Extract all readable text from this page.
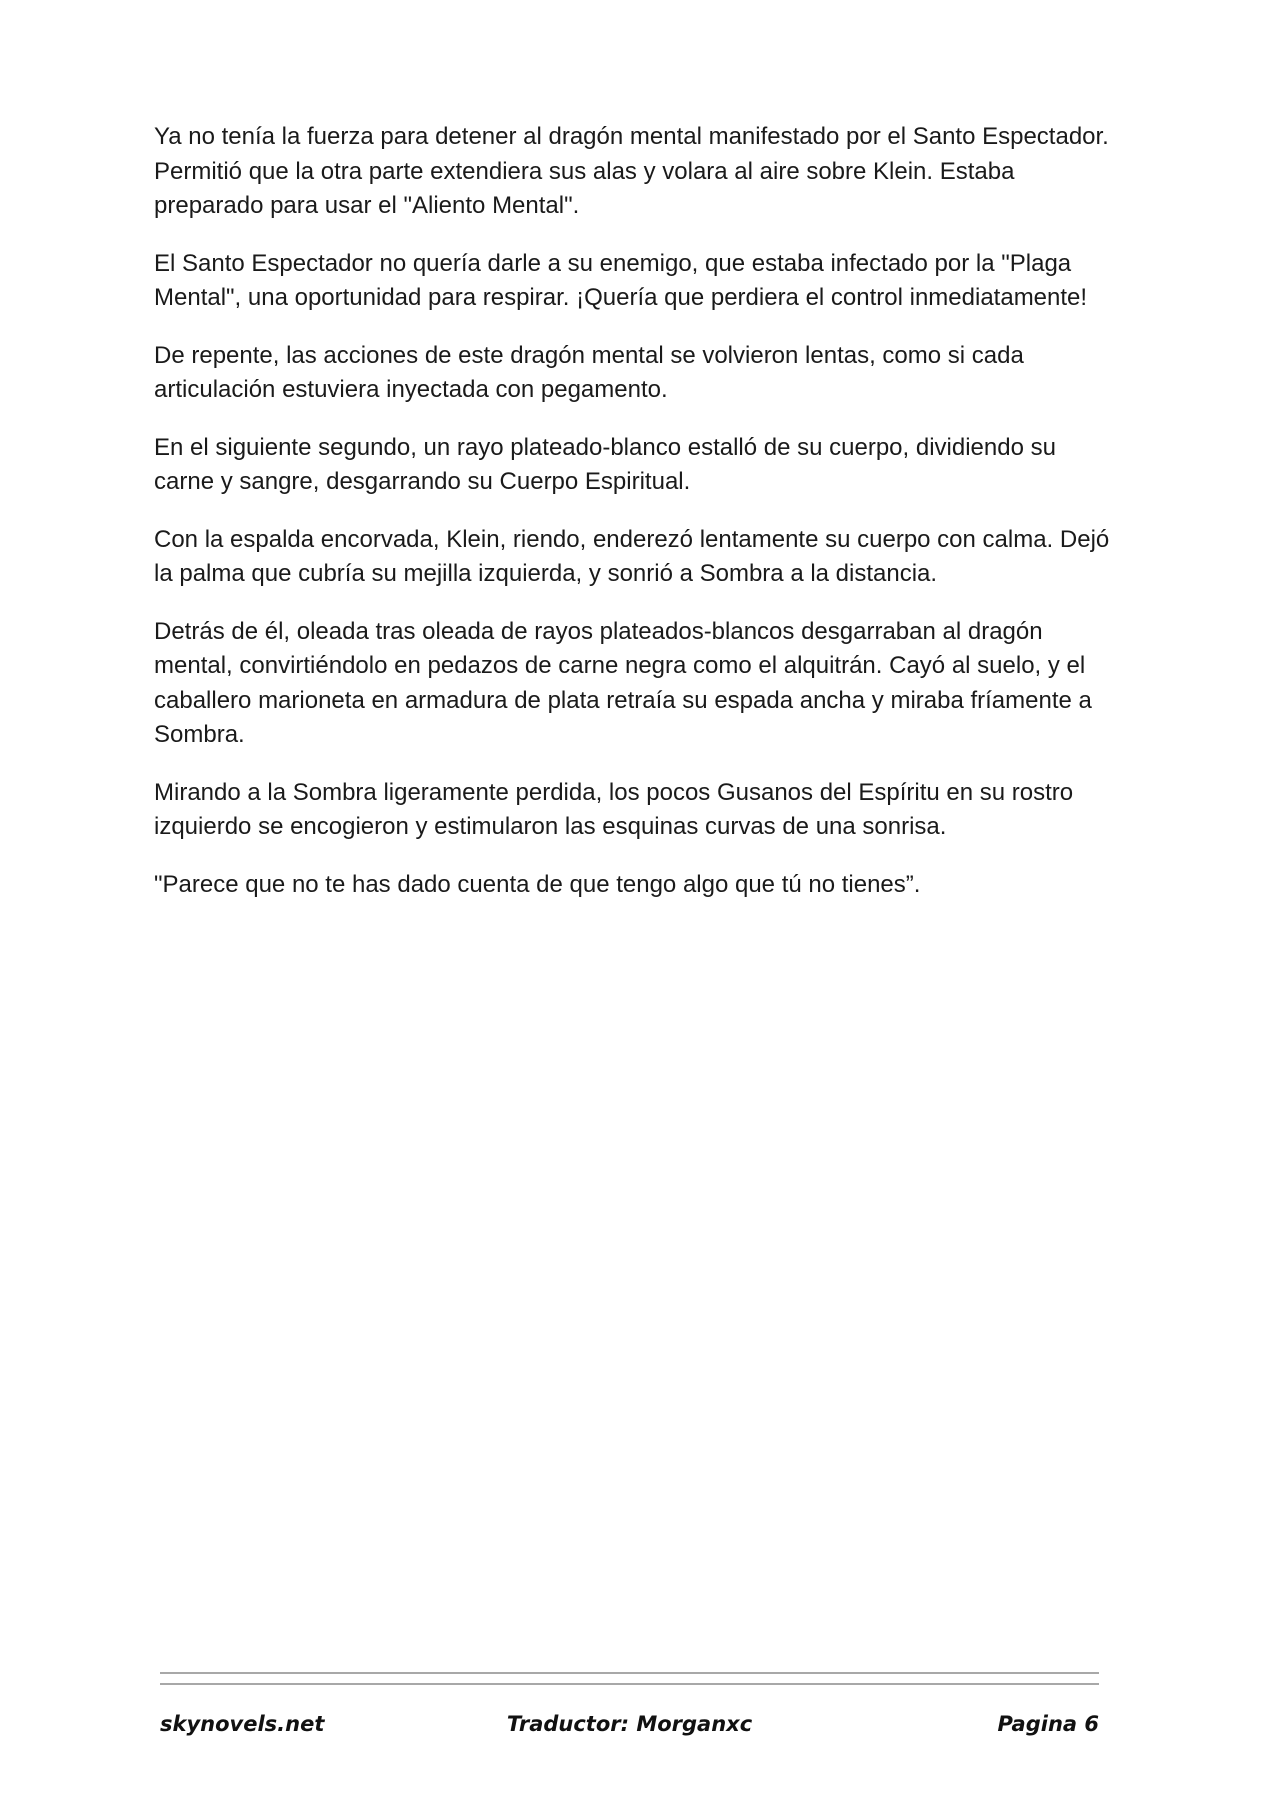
Ya no tenía la fuerza para detener al dragón mental manifestado por el Santo Espectador. Permitió que la otra parte extendiera sus alas y volara al aire sobre Klein. Estaba preparado para usar el "Aliento Mental".

El Santo Espectador no quería darle a su enemigo, que estaba infectado por la "Plaga Mental", una oportunidad para respirar. ¡Quería que perdiera el control inmediatamente!

De repente, las acciones de este dragón mental se volvieron lentas, como si cada articulación estuviera inyectada con pegamento.

En el siguiente segundo, un rayo plateado-blanco estalló de su cuerpo, dividiendo su carne y sangre, desgarrando su Cuerpo Espiritual.

Con la espalda encorvada, Klein, riendo, enderezó lentamente su cuerpo con calma. Dejó la palma que cubría su mejilla izquierda, y sonrió a Sombra a la distancia.

Detrás de él, oleada tras oleada de rayos plateados-blancos desgarraban al dragón mental, convirtiéndolo en pedazos de carne negra como el alquitrán. Cayó al suelo, y el caballero marioneta en armadura de plata retraía su espada ancha y miraba fríamente a Sombra.

Mirando a la Sombra ligeramente perdida, los pocos Gusanos del Espíritu en su rostro izquierdo se encogieron y estimularon las esquinas curvas de una sonrisa.

"Parece que no te has dado cuenta de que tengo algo que tú no tienes”.

skynovels.net	Traductor: Morganxc	Pagina 6
